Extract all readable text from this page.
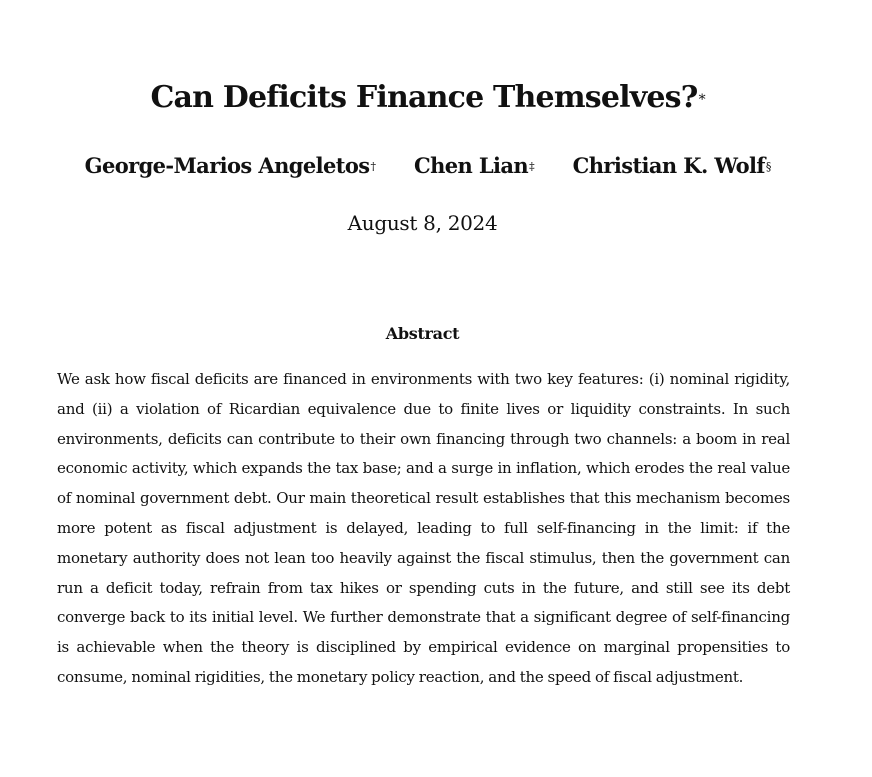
Can Deficits Finance Themselves?*
George-Marios Angeletos† Chen Lian‡ Christian K. Wolf§
August 8, 2024
Abstract
We ask how fiscal deficits are financed in environments with two key features: (i) nominal rigidity, and (ii) a violation of Ricardian equivalence due to finite lives or liquidity constraints. In such environments, deficits can contribute to their own financing through two channels: a boom in real economic activity, which expands the tax base; and a surge in inflation, which erodes the real value of nominal government debt. Our main theoretical result establishes that this mechanism becomes more potent as fiscal adjustment is delayed, leading to full self-financing in the limit: if the monetary authority does not lean too heavily against the fiscal stimulus, then the government can run a deficit today, refrain from tax hikes or spending cuts in the future, and still see its debt converge back to its initial level. We further demonstrate that a significant degree of self-financing is achievable when the theory is disciplined by empirical evidence on marginal propensities to consume, nominal rigidities, the monetary policy reaction, and the speed of fiscal adjustment.
